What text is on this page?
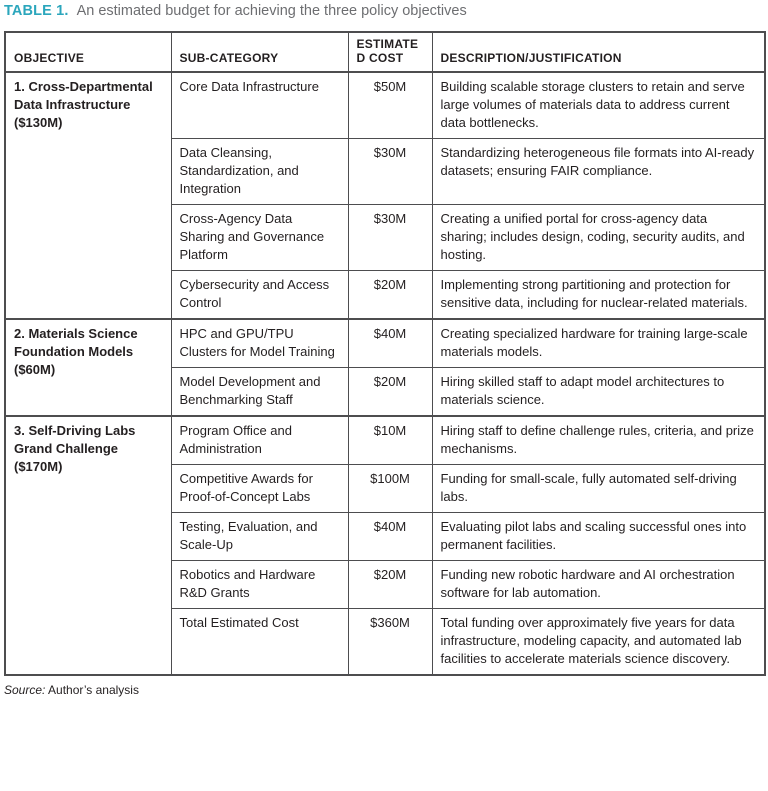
TABLE 1. An estimated budget for achieving the three policy objectives
OBJECTIVE	SUB-CATEGORY	ESTIMATED COST	DESCRIPTION/JUSTIFICATION
1. Cross-Departmental Data Infrastructure ($130M)	Core Data Infrastructure	$50M	Building scalable storage clusters to retain and serve large volumes of materials data to address current data bottlenecks.
	Data Cleansing, Standardization, and Integration	$30M	Standardizing heterogeneous file formats into AI-ready datasets; ensuring FAIR compliance.
	Cross-Agency Data Sharing and Governance Platform	$30M	Creating a unified portal for cross-agency data sharing; includes design, coding, security audits, and hosting.
	Cybersecurity and Access Control	$20M	Implementing strong partitioning and protection for sensitive data, including for nuclear-related materials.
2. Materials Science Foundation Models ($60M)	HPC and GPU/TPU Clusters for Model Training	$40M	Creating specialized hardware for training large-scale materials models.
	Model Development and Benchmarking Staff	$20M	Hiring skilled staff to adapt model architectures to materials science.
3. Self-Driving Labs Grand Challenge ($170M)	Program Office and Administration	$10M	Hiring staff to define challenge rules, criteria, and prize mechanisms.
	Competitive Awards for Proof-of-Concept Labs	$100M	Funding for small-scale, fully automated self-driving labs.
	Testing, Evaluation, and Scale-Up	$40M	Evaluating pilot labs and scaling successful ones into permanent facilities.
	Robotics and Hardware R&D Grants	$20M	Funding new robotic hardware and AI orchestration software for lab automation.
	Total Estimated Cost	$360M	Total funding over approximately five years for data infrastructure, modeling capacity, and automated lab facilities to accelerate materials science discovery.
Source: Author’s analysis
